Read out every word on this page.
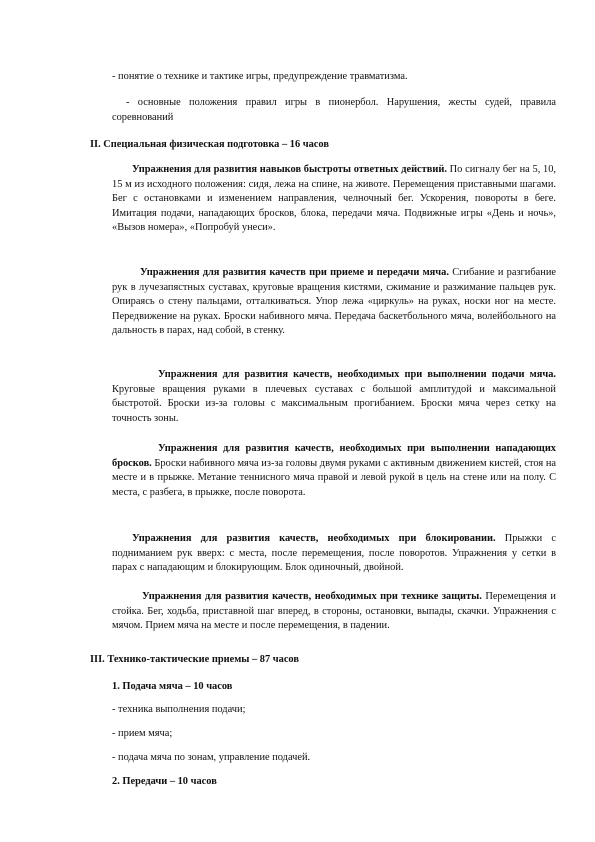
- понятие о технике и тактике игры, предупреждение травматизма.

- основные положения правил игры в пионербол. Нарушения, жесты судей, правила соревнований

II. Специальная физическая подготовка – 16 часов

Упражнения для развития навыков быстроты ответных действий. По сигналу бег на 5, 10, 15 м из исходного положения: сидя, лежа на спине, на животе. Перемещения приставными шагами. Бег с остановками и изменением направления, челночный бег. Ускорения, повороты в беге. Имитация подачи, нападающих бросков, блока, передачи мяча. Подвижные игры «День и ночь», «Вызов номера», «Попробуй унеси».

Упражнения для развития качеств при приеме и передачи мяча. Сгибание и разгибание рук в лучезапястных суставах, круговые вращения кистями, сжимание и разжимание пальцев рук. Опираясь о стену пальцами, отталкиваться. Упор лежа «циркуль» на руках, носки ног на месте. Передвижение на руках. Броски набивного мяча. Передача баскетбольного мяча, волейбольного на дальность в парах, над собой, в стенку.

Упражнения для развития качеств, необходимых при выполнении подачи мяча. Круговые вращения руками в плечевых суставах с большой амплитудой и максимальной быстротой. Броски из-за головы с максимальным прогибанием. Броски мяча через сетку на точность зоны.

Упражнения для развития качеств, необходимых при выполнении нападающих бросков. Броски набивного мяча из-за головы двумя руками с активным движением кистей, стоя на месте и в прыжке. Метание теннисного мяча правой и левой рукой в цель на стене или на полу. С места, с разбега, в прыжке, после поворота.

Упражнения для развития качеств, необходимых при блокировании. Прыжки с подниманием рук вверх: с места, после перемещения, после поворотов. Упражнения у сетки в парах с нападающим и блокирующим. Блок одиночный, двойной.

Упражнения для развития качеств, необходимых при технике защиты. Перемещения и стойка. Бег, ходьба, приставной шаг вперед, в стороны, остановки, выпады, скачки. Упражнения с мячом. Прием мяча на месте и после перемещения, в падении.

III. Технико-тактические приемы – 87 часов

1. Подача мяча – 10 часов

- техника выполнения подачи;

- прием мяча;

- подача мяча по зонам, управление подачей.

2. Передачи – 10 часов
